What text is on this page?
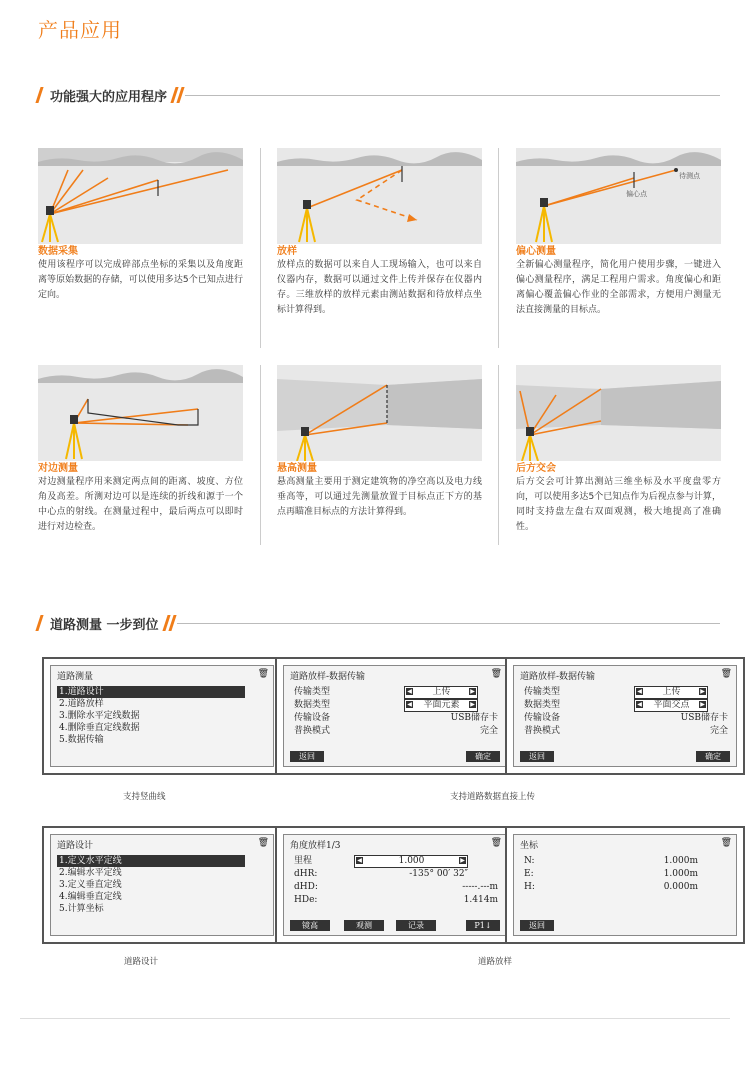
产品应用
功能强大的应用程序
数据采集
使用该程序可以完成碎部点坐标的采集以及角度距离等原始数据的存储，可以使用多达5个已知点进行定向。
放样
放样点的数据可以来自人工现场输入，也可以来自仪器内存，数据可以通过文件上传并保存在仪器内存。三维放样的放样元素由测站数据和待放样点坐标计算得到。
待测点
偏心点
偏心测量
全新偏心测量程序，简化用户使用步骤，一键进入偏心测量程序，满足工程用户需求。角度偏心和距离偏心覆盖偏心作业的全部需求，方便用户测量无法直接测量的目标点。
对边测量
对边测量程序用来测定两点间的距离、坡度、方位角及高差。所测对边可以是连续的折线和源于一个中心点的射线。在测量过程中，最后两点可以即时进行对边检查。
悬高测量
悬高测量主要用于测定建筑物的净空高以及电力线垂高等，可以通过先测量放置于目标点正下方的基点再瞄准目标点的方法计算得到。
后方交会
后方交会可计算出测站三维坐标及水平度盘零方向，可以使用多达5个已知点作为后视点参与计算，同时支持盘左盘右双面观测，极大地提高了准确性。
道路测量 一步到位
道路测量	🗑
1.道路设计
2.道路放样
3.删除水平定线数据
4.删除垂直定线数据
5.数据传输
道路放样-数据传输	🗑
传输类型	◀	上传	▶
数据类型	◀	平面元素	▶
传输设备	USB储存卡
普换模式	完全
返回	确定
道路放样-数据传输	🗑
传输类型	◀	上传	▶
数据类型	◀	平面交点	▶
传输设备	USB储存卡
普换模式	完全
返回	确定
支持竖曲线	支持道路数据直接上传
道路设计	🗑
1.定义水平定线
2.编辑水平定线
3.定义垂直定线
4.编辑垂直定线
5.计算坐标
角度放样1/3	🗑
里程	◀	1.000	▶
dHR:	-135° 00′ 32″
dHD:	-----.---m
HDe:	1.414m
镜高	观测	记录	P1↓
坐标	🗑
N:	1.000m
E:	1.000m
H:	0.000m
返回
道路设计	道路放样
